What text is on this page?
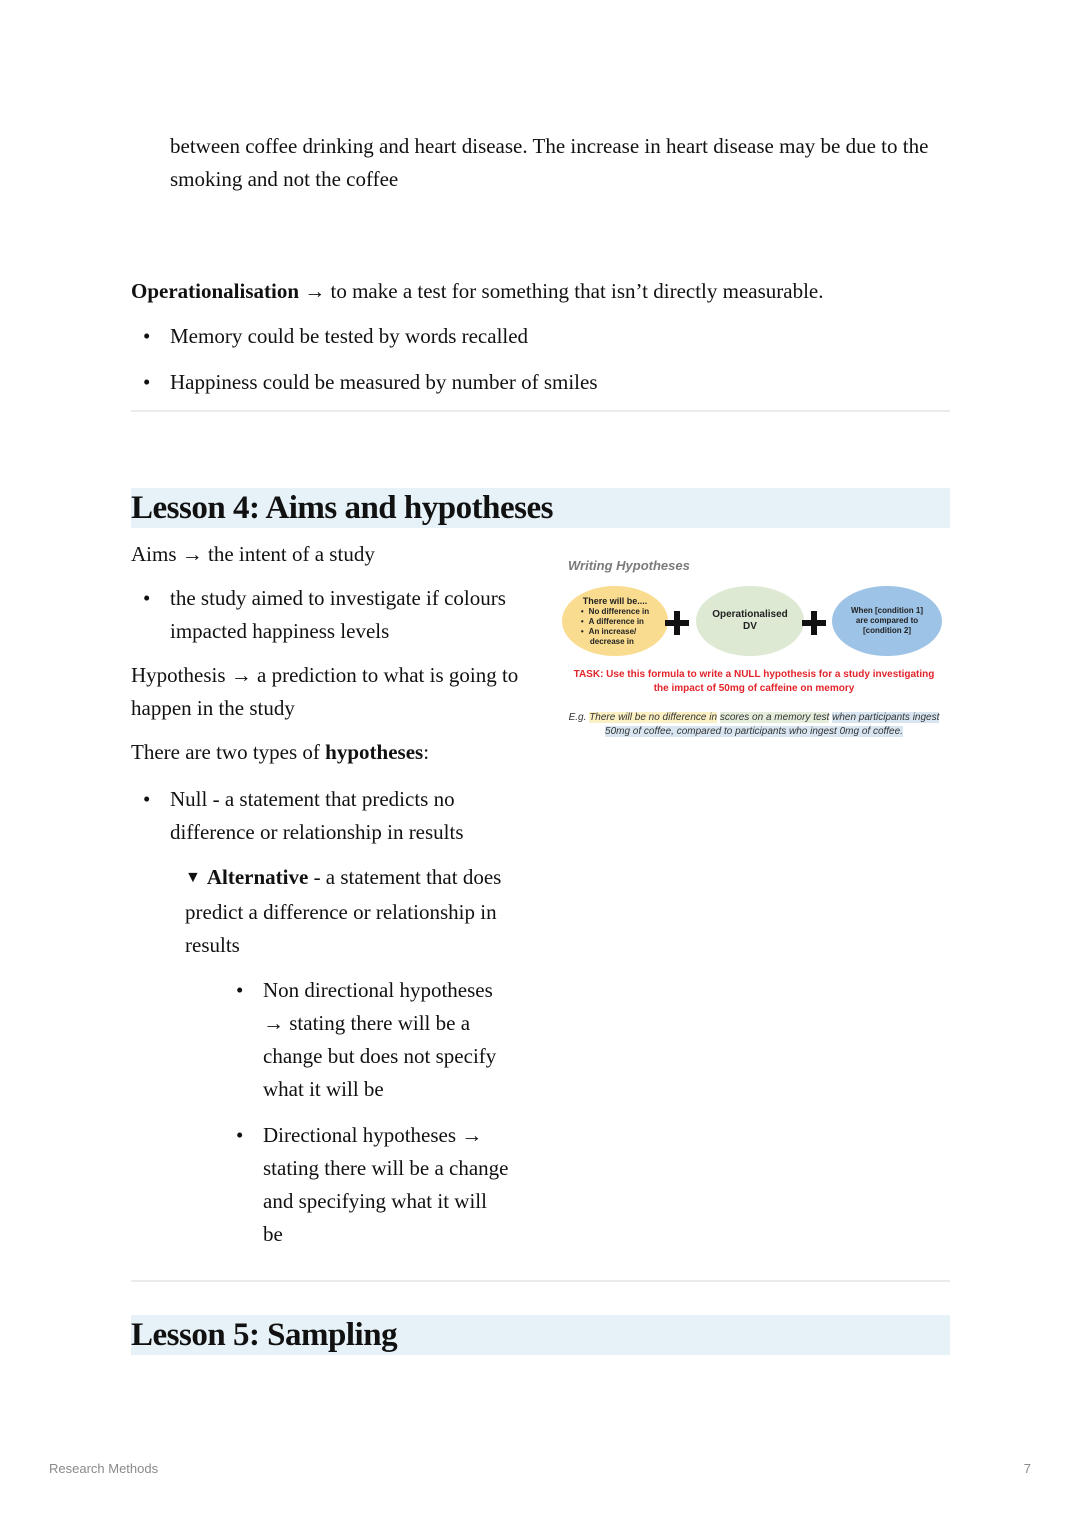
between coffee drinking and heart disease. The increase in heart disease may be due to the smoking and not the coffee
Operationalisation → to make a test for something that isn’t directly measurable.
• Memory could be tested by words recalled
• Happiness could be measured by number of smiles
Lesson 4: Aims and hypotheses

Aims → the intent of a study

• the study aimed to investigate if colours impacted happiness levels

Hypothesis → a prediction to what is going to happen in the study

There are two types of hypotheses:

• Null - a statement that predicts no difference or relationship in results
▼ Alternative - a statement that does predict a difference or relationship in results
• Non directional hypotheses → stating there will be a change but does not specify what it will be
• Directional hypotheses → stating there will be a change and specifying what it will be
Writing Hypotheses
There will be....
• No difference in
• A difference in
• An increase/
decrease in
Operationalised
DV
When [condition 1]
are compared to
[condition 2]
TASK: Use this formula to write a NULL hypothesis for a study investigating the impact of 50mg of caffeine on memory
E.g. There will be no difference in scores on a memory test when participants ingest 50mg of coffee, compared to participants who ingest 0mg of coffee.
Lesson 5: Sampling
Research Methods	7
